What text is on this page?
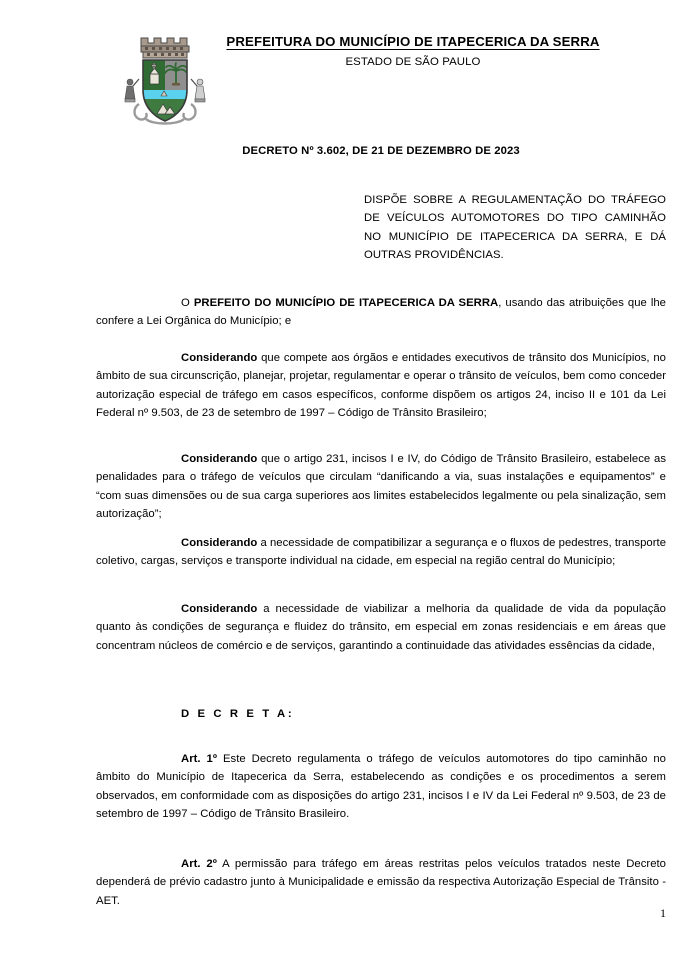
PREFEITURA DO MUNICÍPIO DE ITAPECERICA DA SERRA
ESTADO DE SÃO PAULO
DECRETO Nº 3.602, DE 21 DE DEZEMBRO DE 2023
DISPÕE SOBRE A REGULAMENTAÇÃO DO TRÁFEGO DE VEÍCULOS AUTOMOTORES DO TIPO CAMINHÃO NO MUNICÍPIO DE ITAPECERICA DA SERRA, E DÁ OUTRAS PROVIDÊNCIAS.

O PREFEITO DO MUNICÍPIO DE ITAPECERICA DA SERRA, usando das atribuições que lhe confere a Lei Orgânica do Município; e

Considerando que compete aos órgãos e entidades executivos de trânsito dos Municípios, no âmbito de sua circunscrição, planejar, projetar, regulamentar e operar o trânsito de veículos, bem como conceder autorização especial de tráfego em casos específicos, conforme dispõem os artigos 24, inciso II e 101 da Lei Federal nº 9.503, de 23 de setembro de 1997 – Código de Trânsito Brasileiro;

Considerando que o artigo 231, incisos I e IV, do Código de Trânsito Brasileiro, estabelece as penalidades para o tráfego de veículos que circulam “danificando a via, suas instalações e equipamentos” e “com suas dimensões ou de sua carga superiores aos limites estabelecidos legalmente ou pela sinalização, sem autorização”;

Considerando a necessidade de compatibilizar a segurança e o fluxos de pedestres, transporte coletivo, cargas, serviços e transporte individual na cidade, em especial na região central do Município;

Considerando a necessidade de viabilizar a melhoria da qualidade de vida da população quanto às condições de segurança e fluidez do trânsito, em especial em zonas residenciais e em áreas que concentram núcleos de comércio e de serviços, garantindo a continuidade das atividades essências da cidade,

D E C R E T A:

Art. 1º Este Decreto regulamenta o tráfego de veículos automotores do tipo caminhão no âmbito do Município de Itapecerica da Serra, estabelecendo as condições e os procedimentos a serem observados, em conformidade com as disposições do artigo 231, incisos I e IV da Lei Federal nº 9.503, de 23 de setembro de 1997 – Código de Trânsito Brasileiro.

Art. 2º A permissão para tráfego em áreas restritas pelos veículos tratados neste Decreto dependerá de prévio cadastro junto à Municipalidade e emissão da respectiva Autorização Especial de Trânsito - AET.

1
